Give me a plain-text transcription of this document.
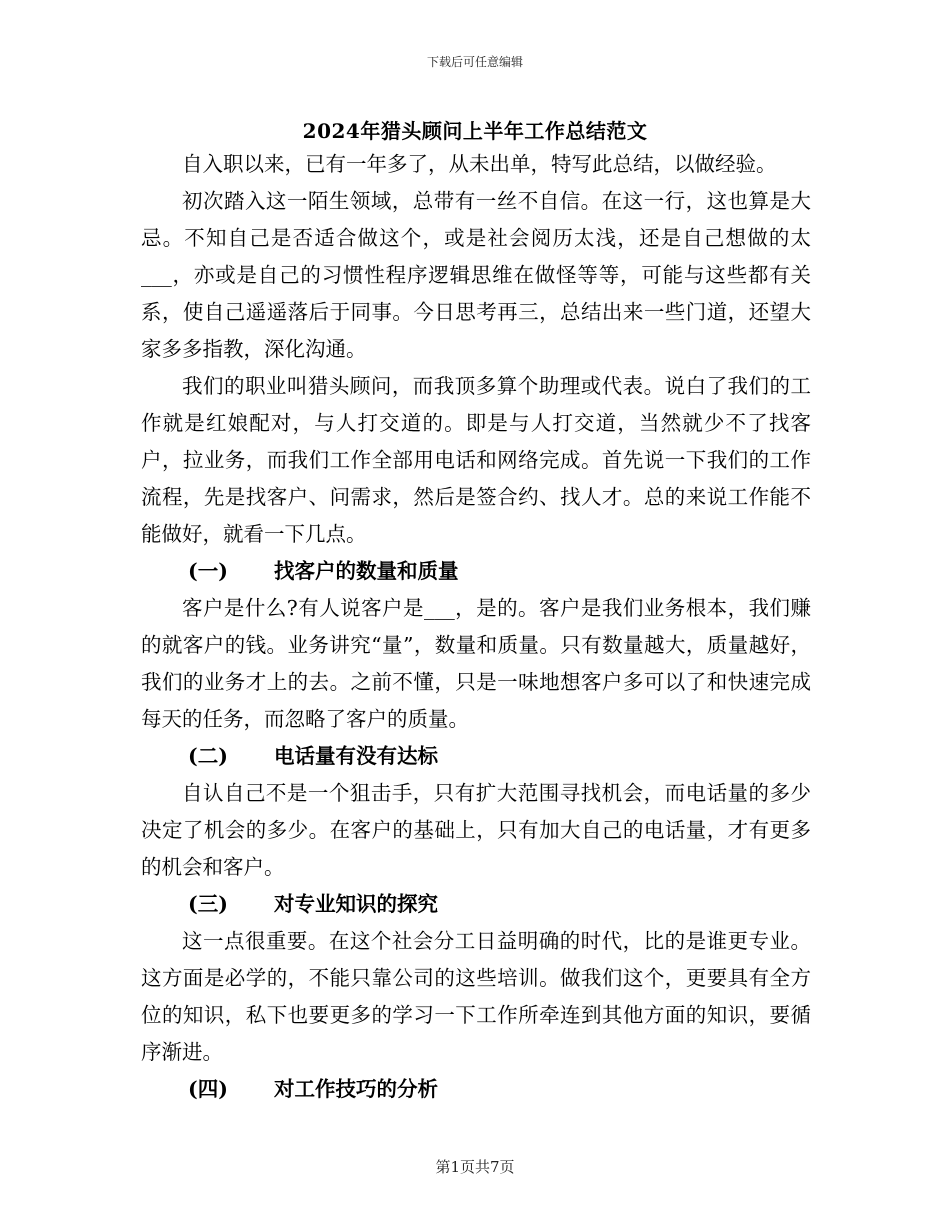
下载后可任意编辑
2024年猎头顾问上半年工作总结范文

自入职以来，已有一年多了，从未出单，特写此总结，以做经验。

初次踏入这一陌生领域，总带有一丝不自信。在这一行，这也算是大忌。不知自己是否适合做这个，或是社会阅历太浅，还是自己想做的太___，亦或是自己的习惯性程序逻辑思维在做怪等等，可能与这些都有关系，使自己遥遥落后于同事。今日思考再三，总结出来一些门道，还望大家多多指教，深化沟通。

我们的职业叫猎头顾问，而我顶多算个助理或代表。说白了我们的工作就是红娘配对，与人打交道的。即是与人打交道，当然就少不了找客户，拉业务，而我们工作全部用电话和网络完成。首先说一下我们的工作流程，先是找客户、问需求，然后是签合约、找人才。总的来说工作能不能做好，就看一下几点。

(一) 找客户的数量和质量

客户是什么?有人说客户是___，是的。客户是我们业务根本，我们赚的就客户的钱。业务讲究“量”，数量和质量。只有数量越大，质量越好，我们的业务才上的去。之前不懂，只是一味地想客户多可以了和快速完成每天的任务，而忽略了客户的质量。

(二) 电话量有没有达标

自认自己不是一个狙击手，只有扩大范围寻找机会，而电话量的多少决定了机会的多少。在客户的基础上，只有加大自己的电话量，才有更多的机会和客户。

(三) 对专业知识的探究

这一点很重要。在这个社会分工日益明确的时代，比的是谁更专业。这方面是必学的，不能只靠公司的这些培训。做我们这个，更要具有全方位的知识，私下也要更多的学习一下工作所牵连到其他方面的知识，要循序渐进。

(四) 对工作技巧的分析
第1页共7页
